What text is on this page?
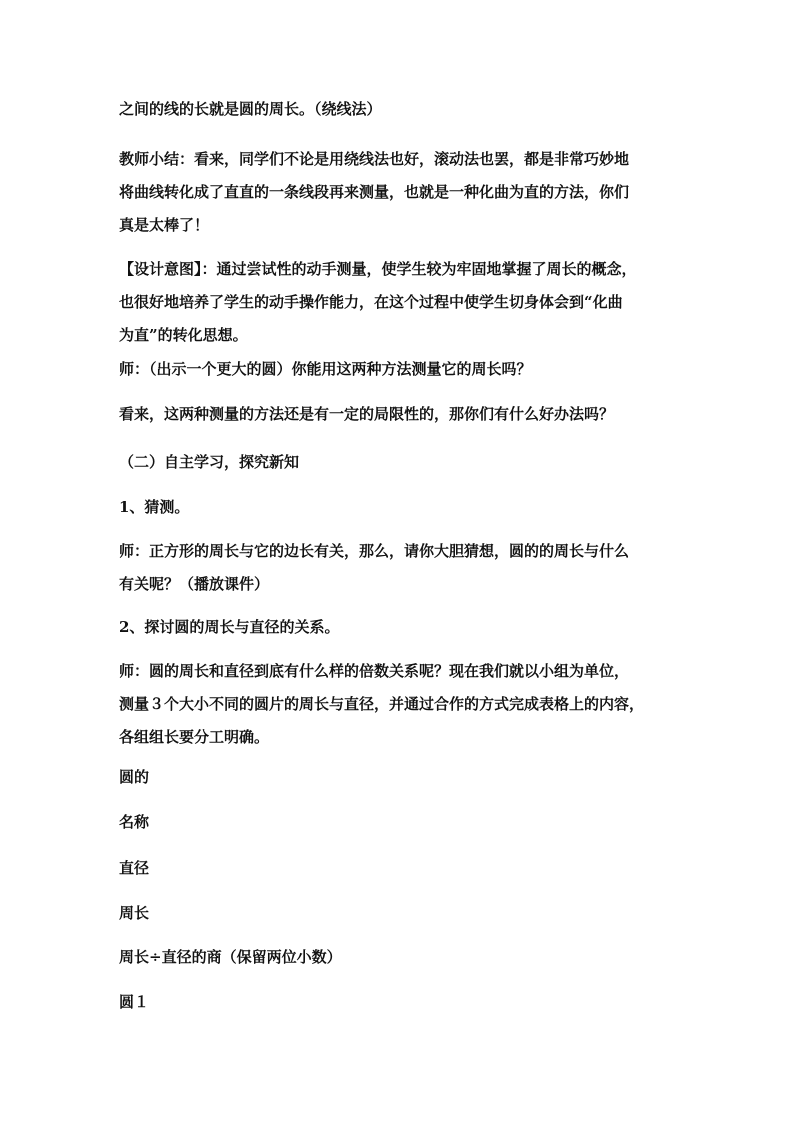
之间的线的长就是圆的周长。（绕线法）

教师小结：看来，同学们不论是用绕线法也好，滚动法也罢，都是非常巧妙地
将曲线转化成了直直的一条线段再来测量，也就是一种化曲为直的方法，你们
真是太棒了！

【设计意图】：通过尝试性的动手测量，使学生较为牢固地掌握了周长的概念，
也很好地培养了学生的动手操作能力，在这个过程中使学生切身体会到“化曲
为直”的转化思想。

师：（出示一个更大的圆）你能用这两种方法测量它的周长吗？

看来，这两种测量的方法还是有一定的局限性的，那你们有什么好办法吗？

（二）自主学习，探究新知

1、猜测。

师：正方形的周长与它的边长有关，那么，请你大胆猜想，圆的的周长与什么
有关呢？（播放课件）

2、探讨圆的周长与直径的关系。

师：圆的周长和直径到底有什么样的倍数关系呢？现在我们就以小组为单位，
测量３个大小不同的圆片的周长与直径，并通过合作的方式完成表格上的内容，
各组组长要分工明确。

圆的

名称

直径

周长

周长÷直径的商（保留两位小数）

圆１
